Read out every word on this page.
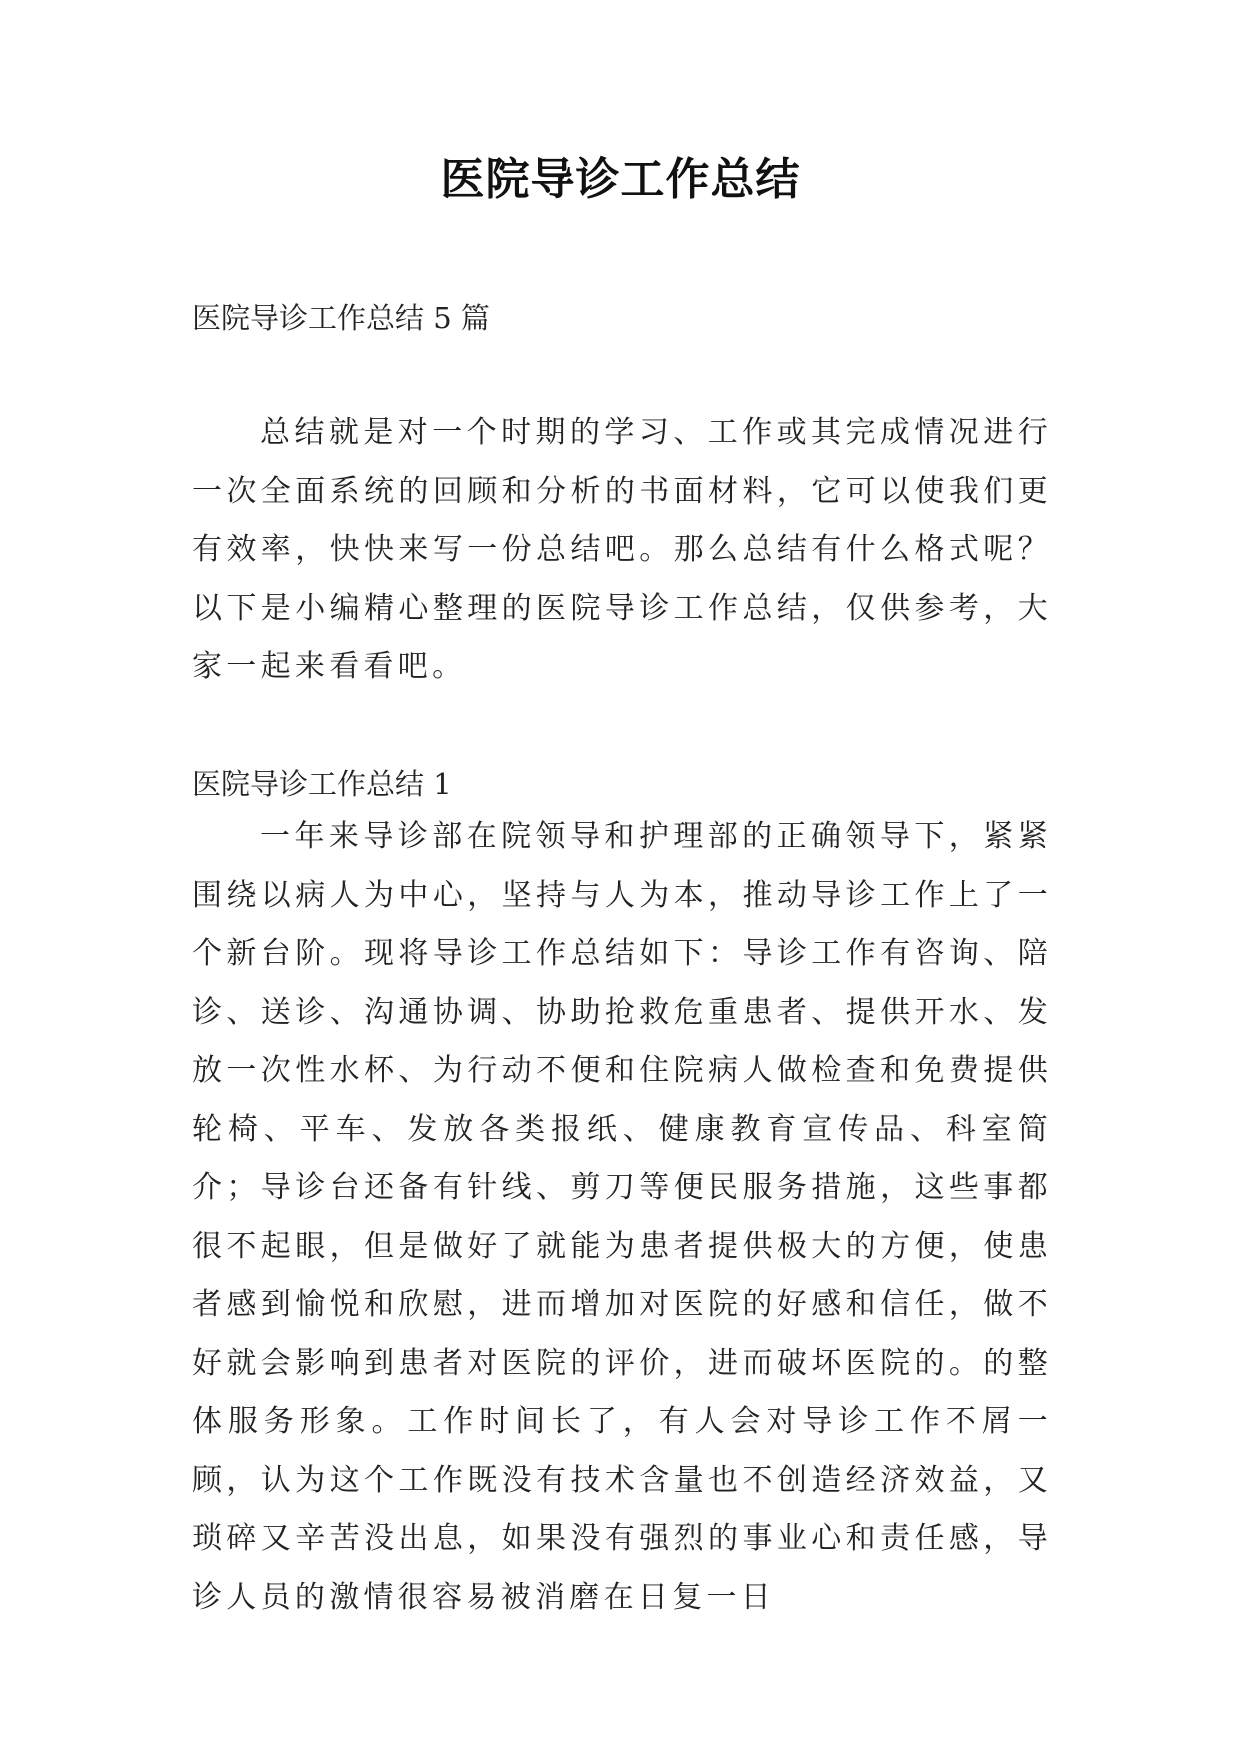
医院导诊工作总结
医院导诊工作总结 5 篇

总结就是对一个时期的学习、工作或其完成情况进行一次全面系统的回顾和分析的书面材料，它可以使我们更有效率，快快来写一份总结吧。那么总结有什么格式呢？以下是小编精心整理的医院导诊工作总结，仅供参考，大家一起来看看吧。

医院导诊工作总结 1

一年来导诊部在院领导和护理部的正确领导下，紧紧围绕以病人为中心，坚持与人为本，推动导诊工作上了一个新台阶。现将导诊工作总结如下：导诊工作有咨询、陪诊、送诊、沟通协调、协助抢救危重患者、提供开水、发放一次性水杯、为行动不便和住院病人做检查和免费提供轮椅、平车、发放各类报纸、健康教育宣传品、科室简介；导诊台还备有针线、剪刀等便民服务措施，这些事都很不起眼，但是做好了就能为患者提供极大的方便，使患者感到愉悦和欣慰，进而增加对医院的好感和信任，做不好就会影响到患者对医院的评价，进而破坏医院的。的整体服务形象。工作时间长了，有人会对导诊工作不屑一顾，认为这个工作既没有技术含量也不创造经济效益，又琐碎又辛苦没出息，如果没有强烈的事业心和责任感，导诊人员的激情很容易被消磨在日复一日
